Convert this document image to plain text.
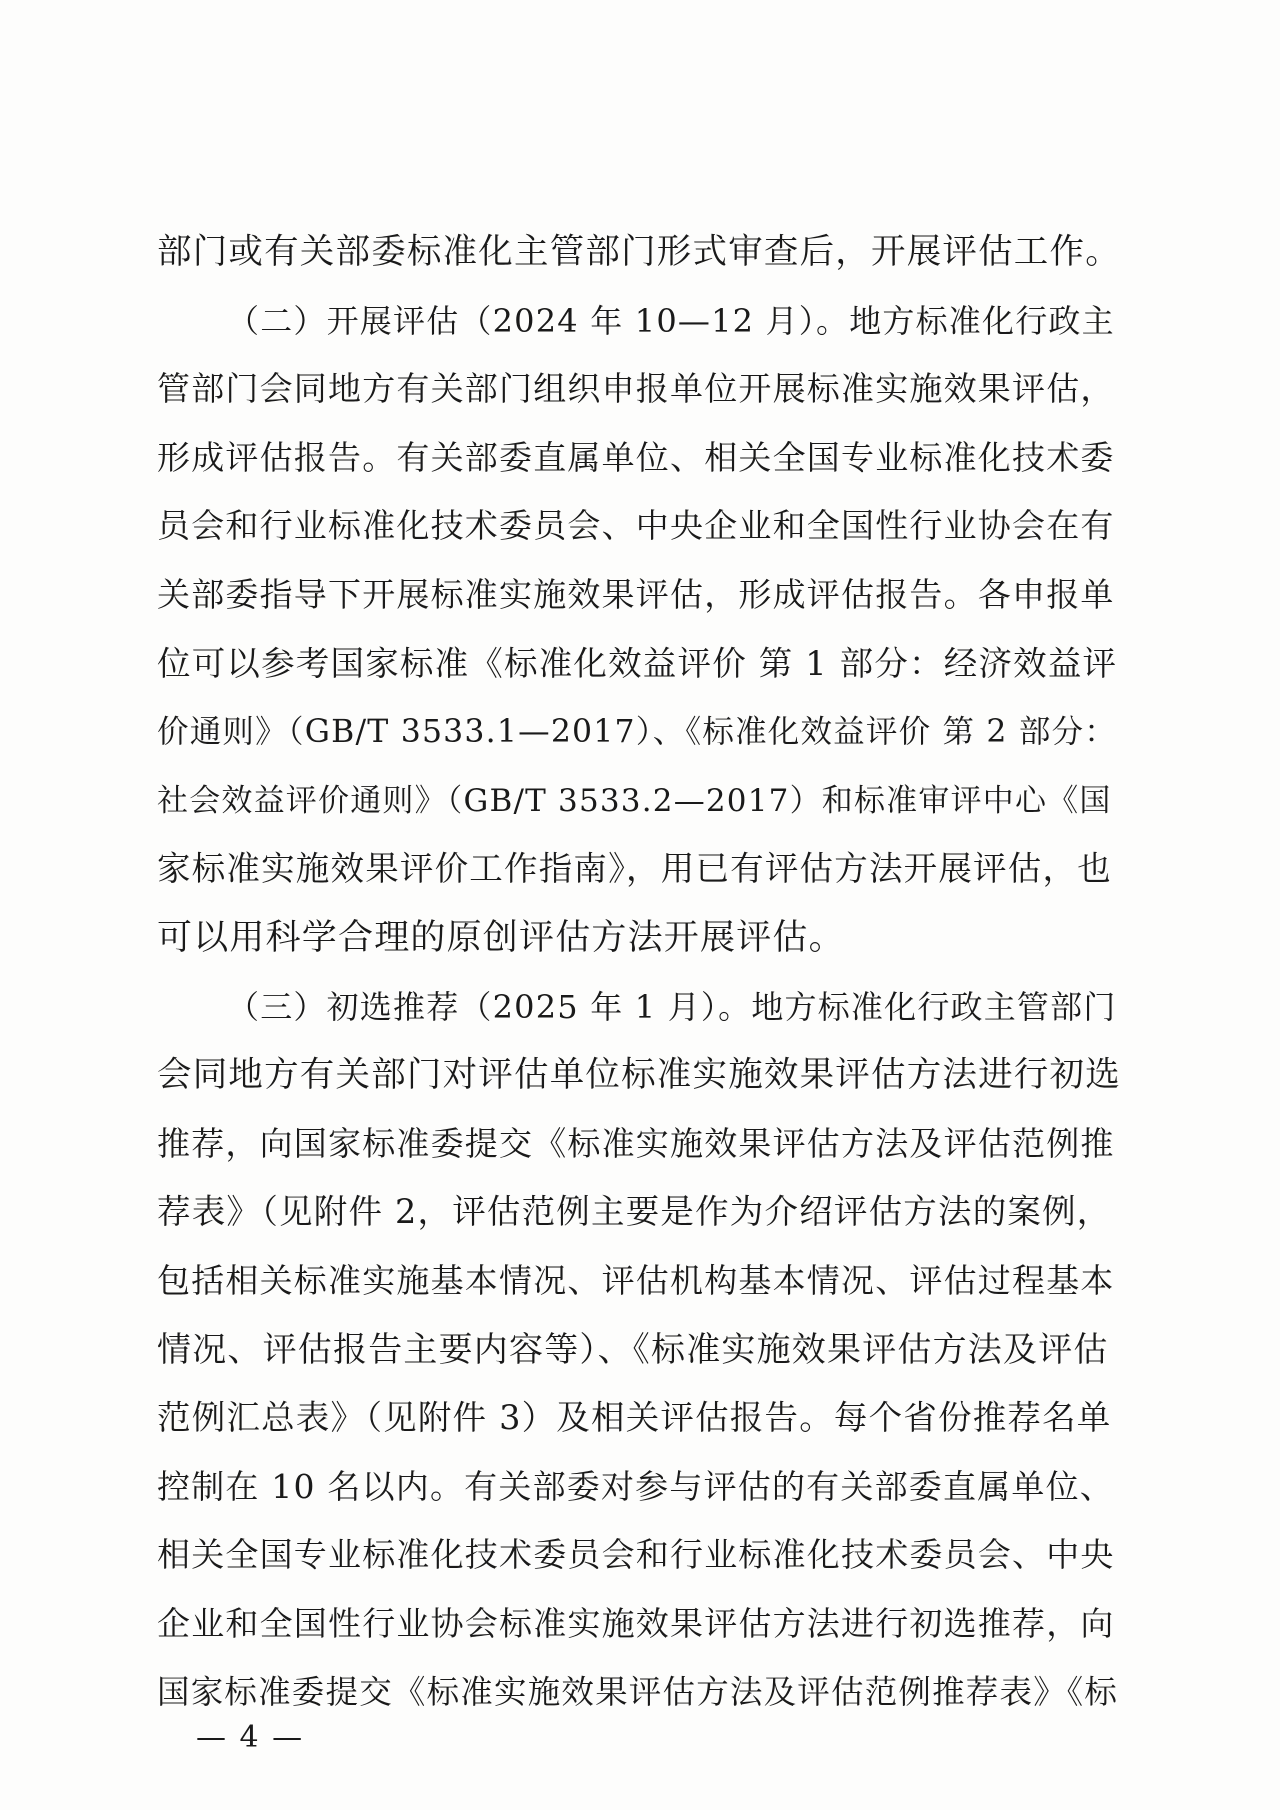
部门或有关部委标准化主管部门形式审查后，开展评估工作。
（二）开展评估（2024 年 10—12 月）。地方标准化行政主
管部门会同地方有关部门组织申报单位开展标准实施效果评估，
形成评估报告。有关部委直属单位、相关全国专业标准化技术委
员会和行业标准化技术委员会、中央企业和全国性行业协会在有
关部委指导下开展标准实施效果评估，形成评估报告。各申报单
位可以参考国家标准《标准化效益评价 第 1 部分：经济效益评
价通则》（GB/T 3533.1—2017）、《标准化效益评价 第 2 部分：
社会效益评价通则》（GB/T 3533.2—2017）和标准审评中心《国
家标准实施效果评价工作指南》，用已有评估方法开展评估，也
可以用科学合理的原创评估方法开展评估。
（三）初选推荐（2025 年 1 月）。地方标准化行政主管部门
会同地方有关部门对评估单位标准实施效果评估方法进行初选
推荐，向国家标准委提交《标准实施效果评估方法及评估范例推
荐表》（见附件 2，评估范例主要是作为介绍评估方法的案例，
包括相关标准实施基本情况、评估机构基本情况、评估过程基本
情况、评估报告主要内容等）、《标准实施效果评估方法及评估
范例汇总表》（见附件 3）及相关评估报告。每个省份推荐名单
控制在 10 名以内。有关部委对参与评估的有关部委直属单位、
相关全国专业标准化技术委员会和行业标准化技术委员会、中央
企业和全国性行业协会标准实施效果评估方法进行初选推荐，向
国家标准委提交《标准实施效果评估方法及评估范例推荐表》《标
— 4 —
